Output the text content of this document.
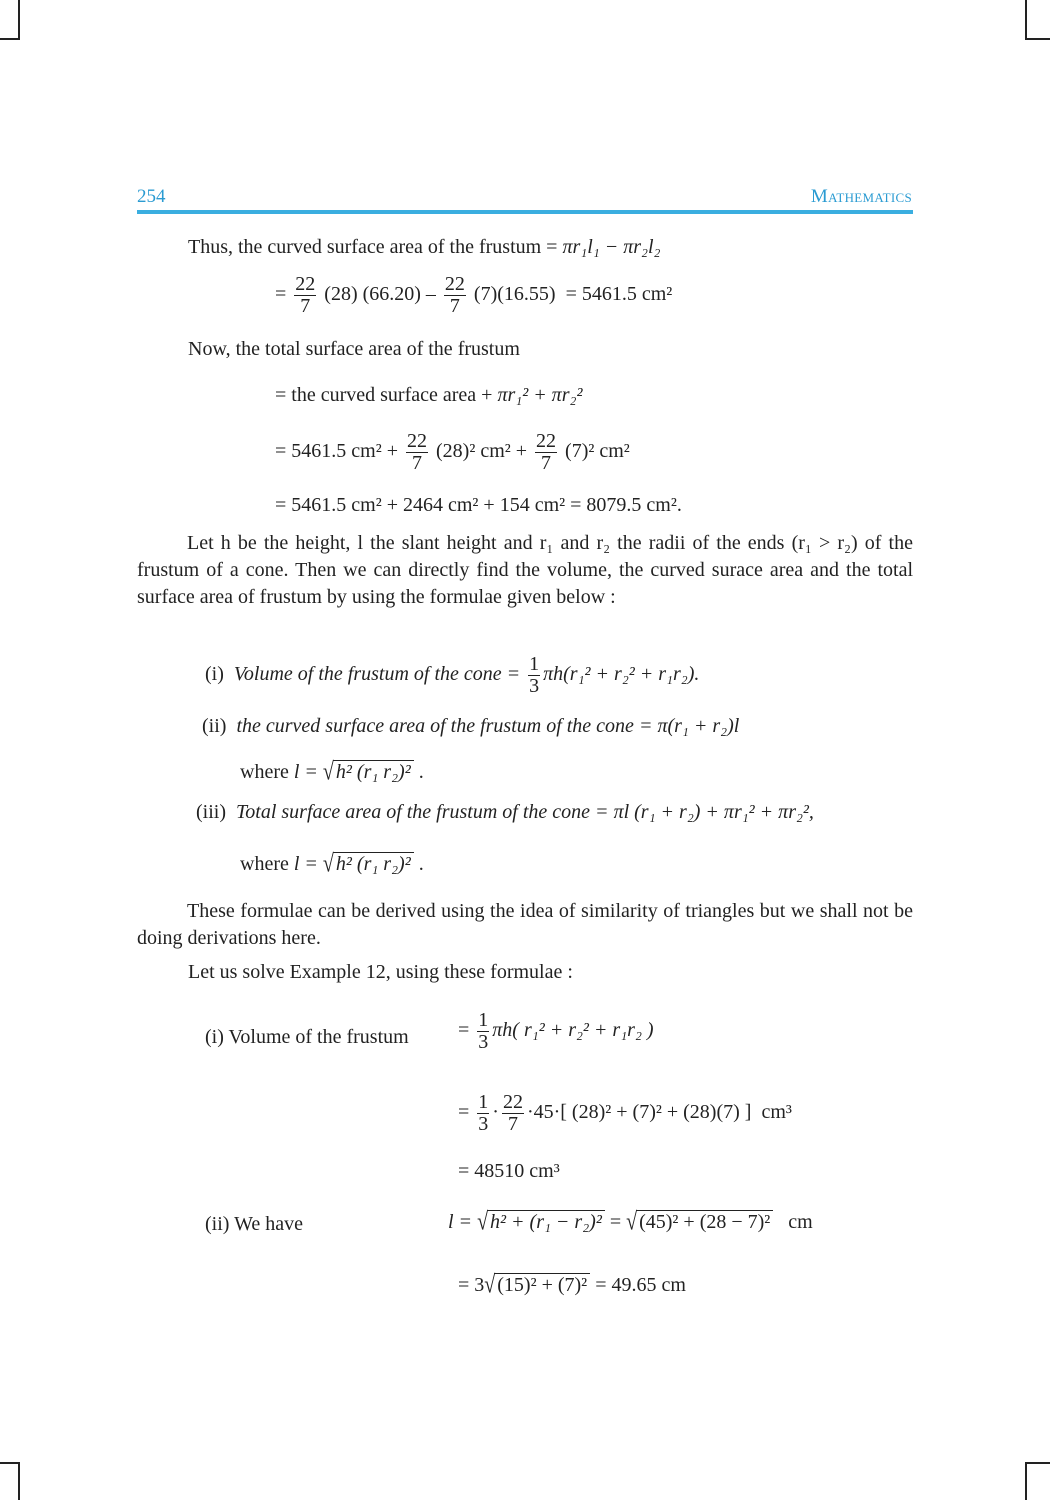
254	Mathematics
Thus, the curved surface area of the frustum = πr₁l₁ − πr₂l₂
= $\frac{22}{7} (28)$ $(66.20) - \frac{22}{7} (7)(16.55) = 5461.5$ cm²
Now, the total surface area of the frustum
= the curved surface area + πr₁² + πr₂²
= 5461.5 $cm^2 + \frac{22}{7} (28)^2$ $cm^2 + \frac{22}{7} (7)^2$ cm²
= 5461.5 cm² + 2464 cm² + 154 cm² = 8079.5 cm².
Let h be the height, l the slant height and r₁ and r₂ the radii of the ends (r₁ > r₂) of the frustum of a cone. Then we can directly find the volume, the curved surace area and the total surface area of frustum by using the formulae given below :
(i) Volume of the frustum of the cone = $\frac{1}{3} \pi h(r_1^2 + r_2^2 + r_1r_2)$.
(ii) the curved surface area of the frustum of the cone = π(r₁ + r₂)l
where l = √ h² (r₁ r₂)² .
(iii) Total surface area of the frustum of the cone = πl (r₁ + r₂) + πr₁² + πr₂²,
where l = √ h² (r₁ r₂)² .
These formulae can be derived using the idea of similarity of triangles but we shall not be doing derivations here.
Let us solve Example 12, using these formulae :
(i) Volume of the frustum = $\frac{1}{3} \pi h$( r₁² + r₂² + r₁r₂ )
= $\frac{1}{3} \cdot \frac{22}{7} \cdot 45\cdot$[ (28)² + (7)² + (28)(7) ] cm³
= 48510 cm³
(ii) We have	l = √ h² + (r₁ − r₂)² = √ (45)² + (28 − 7)² cm
= 3√ (15)² + (7)² = 49.65 cm
